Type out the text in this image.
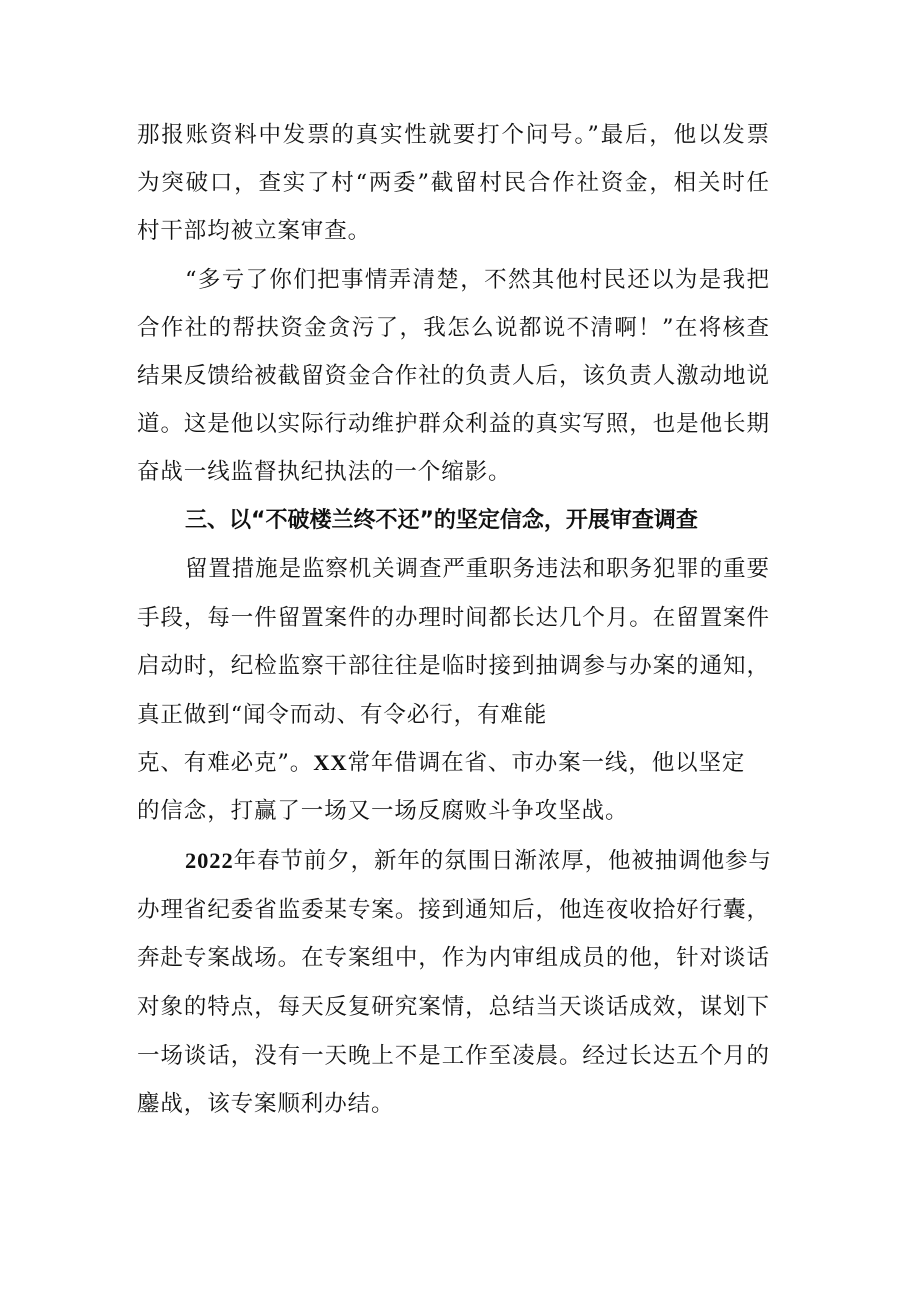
那报账资料中发票的真实性就要打个问号。”最后，他以发票
为突破口，查实了村“两委”截留村民合作社资金，相关时任
村干部均被立案审查。
“多亏了你们把事情弄清楚，不然其他村民还以为是我把
合作社的帮扶资金贪污了，我怎么说都说不清啊！”在将核查
结果反馈给被截留资金合作社的负责人后，该负责人激动地说
道。这是他以实际行动维护群众利益的真实写照，也是他长期
奋战一线监督执纪执法的一个缩影。
三、以“不破楼兰终不还”的坚定信念，开展审查调查
留置措施是监察机关调查严重职务违法和职务犯罪的重要
手段，每一件留置案件的办理时间都长达几个月。在留置案件
启动时，纪检监察干部往往是临时接到抽调参与办案的通知，
真正做到“闻令而动、有令必行，有难能
克、有难必克”。XX常年借调在省、市办案一线，他以坚定
的信念，打赢了一场又一场反腐败斗争攻坚战。
2022年春节前夕，新年的氛围日渐浓厚，他被抽调他参与
办理省纪委省监委某专案。接到通知后，他连夜收拾好行囊，
奔赴专案战场。在专案组中，作为内审组成员的他，针对谈话
对象的特点，每天反复研究案情，总结当天谈话成效，谋划下
一场谈话，没有一天晚上不是工作至凌晨。经过长达五个月的
鏖战，该专案顺利办结。
